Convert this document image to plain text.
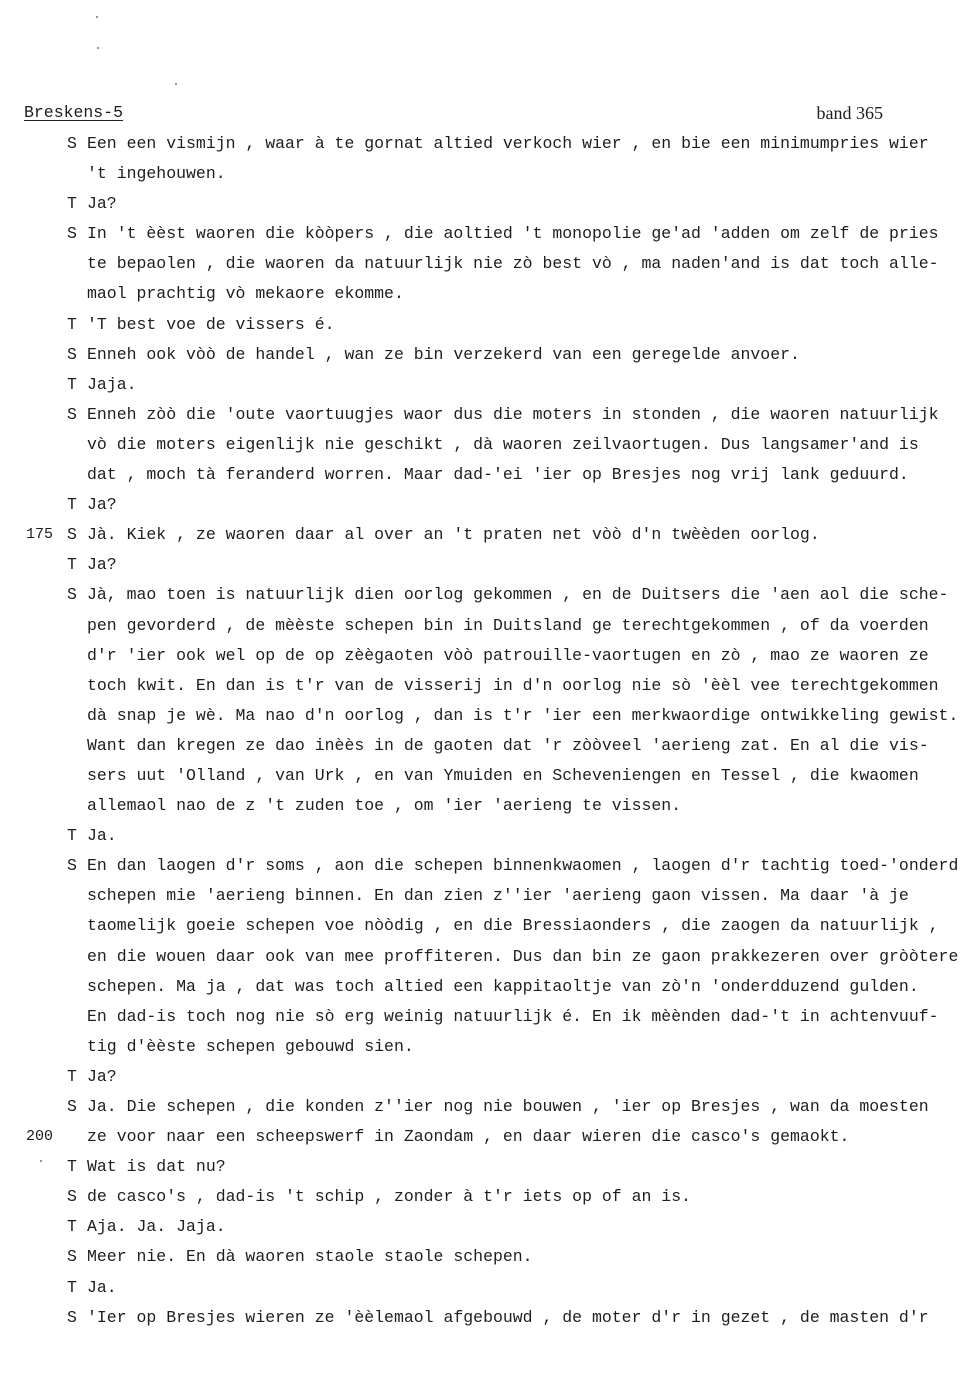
Breskens-5	band 365
S Een een vismijn , waar à te gornat altied verkoch wier , en bie een minimumpries wier
't ingehouwen.
T Ja?
S In 't èèst waoren die kòòpers , die aoltied 't monopolie ge'ad 'adden om zelf de pries
te bepaolen , die waoren da natuurlijk nie zò best vò , ma naden'and is dat toch alle-
maol prachtig vò mekaore ekomme.
T 'T best voe de vissers é.
S Enneh ook vòò de handel , wan ze bin verzekerd van een geregelde anvoer.
T Jaja.
S Enneh zòò die 'oute vaortuugjes waor dus die moters in stonden , die waoren natuurlijk
vò die moters eigenlijk nie geschikt , dà waoren zeilvaortugen. Dus langsamer'and is
dat , moch tà feranderd worren. Maar dad-'ei 'ier op Bresjes nog vrij lank geduurd.
T Ja?
175 S Jà. Kiek , ze waoren daar al over an 't praten net vòò d'n twèèden oorlog.
T Ja?
S Jà, mao toen is natuurlijk dien oorlog gekommen , en de Duitsers die 'aen aol die sche-
pen gevorderd , de mèèste schepen bin in Duitsland ge terechtgekommen , of da voerden
d'r 'ier ook wel op de op zèègaoten vòò patrouille-vaortugen en zò , mao ze waoren ze
toch kwit. En dan is t'r van de visserij in d'n oorlog nie sò 'èèl vee terechtgekommen
dà snap je wè. Ma nao d'n oorlog , dan is t'r 'ier een merkwaordige ontwikkeling gewist.
Want dan kregen ze dao inèès in de gaoten dat 'r zòòveel 'aerieng zat. En al die vis-
sers uut 'Olland , van Urk , en van Ymuiden en Scheveniengen en Tessel , die kwaomen
allemaol nao de z 't zuden toe , om 'ier 'aerieng te vissen.
T Ja.
S En dan laogen d'r soms , aon die schepen binnenkwaomen , laogen d'r tachtig toed-'onderd
schepen mie 'aerieng binnen. En dan zien z''ier 'aerieng gaon vissen. Ma daar 'à je
taomelijk goeie schepen voe nòòdig , en die Bressiaonders , die zaogen da natuurlijk ,
en die wouen daar ook van mee proffiteren. Dus dan bin ze gaon prakkezeren over gròòtere
schepen. Ma ja , dat was toch altied een kappitaoltje van zò'n 'onderdduzend gulden.
En dad-is toch nog nie sò erg weinig natuurlijk é. En ik mèènden dad-'t in achtenvuuf-
tig d'èèste schepen gebouwd sien.
T Ja?
S Ja. Die schepen , die konden z''ier nog nie bouwen , 'ier op Bresjes , wan da moesten
200	ze voor naar een scheepswerf in Zaondam , en daar wieren die casco's gemaokt.
T Wat is dat nu?
S de casco's , dad-is 't schip , zonder à t'r iets op of an is.
T Aja. Ja. Jaja.
S Meer nie. En dà waoren staole staole schepen.
T Ja.
S 'Ier op Bresjes wieren ze 'èèlemaol afgebouwd , de moter d'r in gezet , de masten d'r
